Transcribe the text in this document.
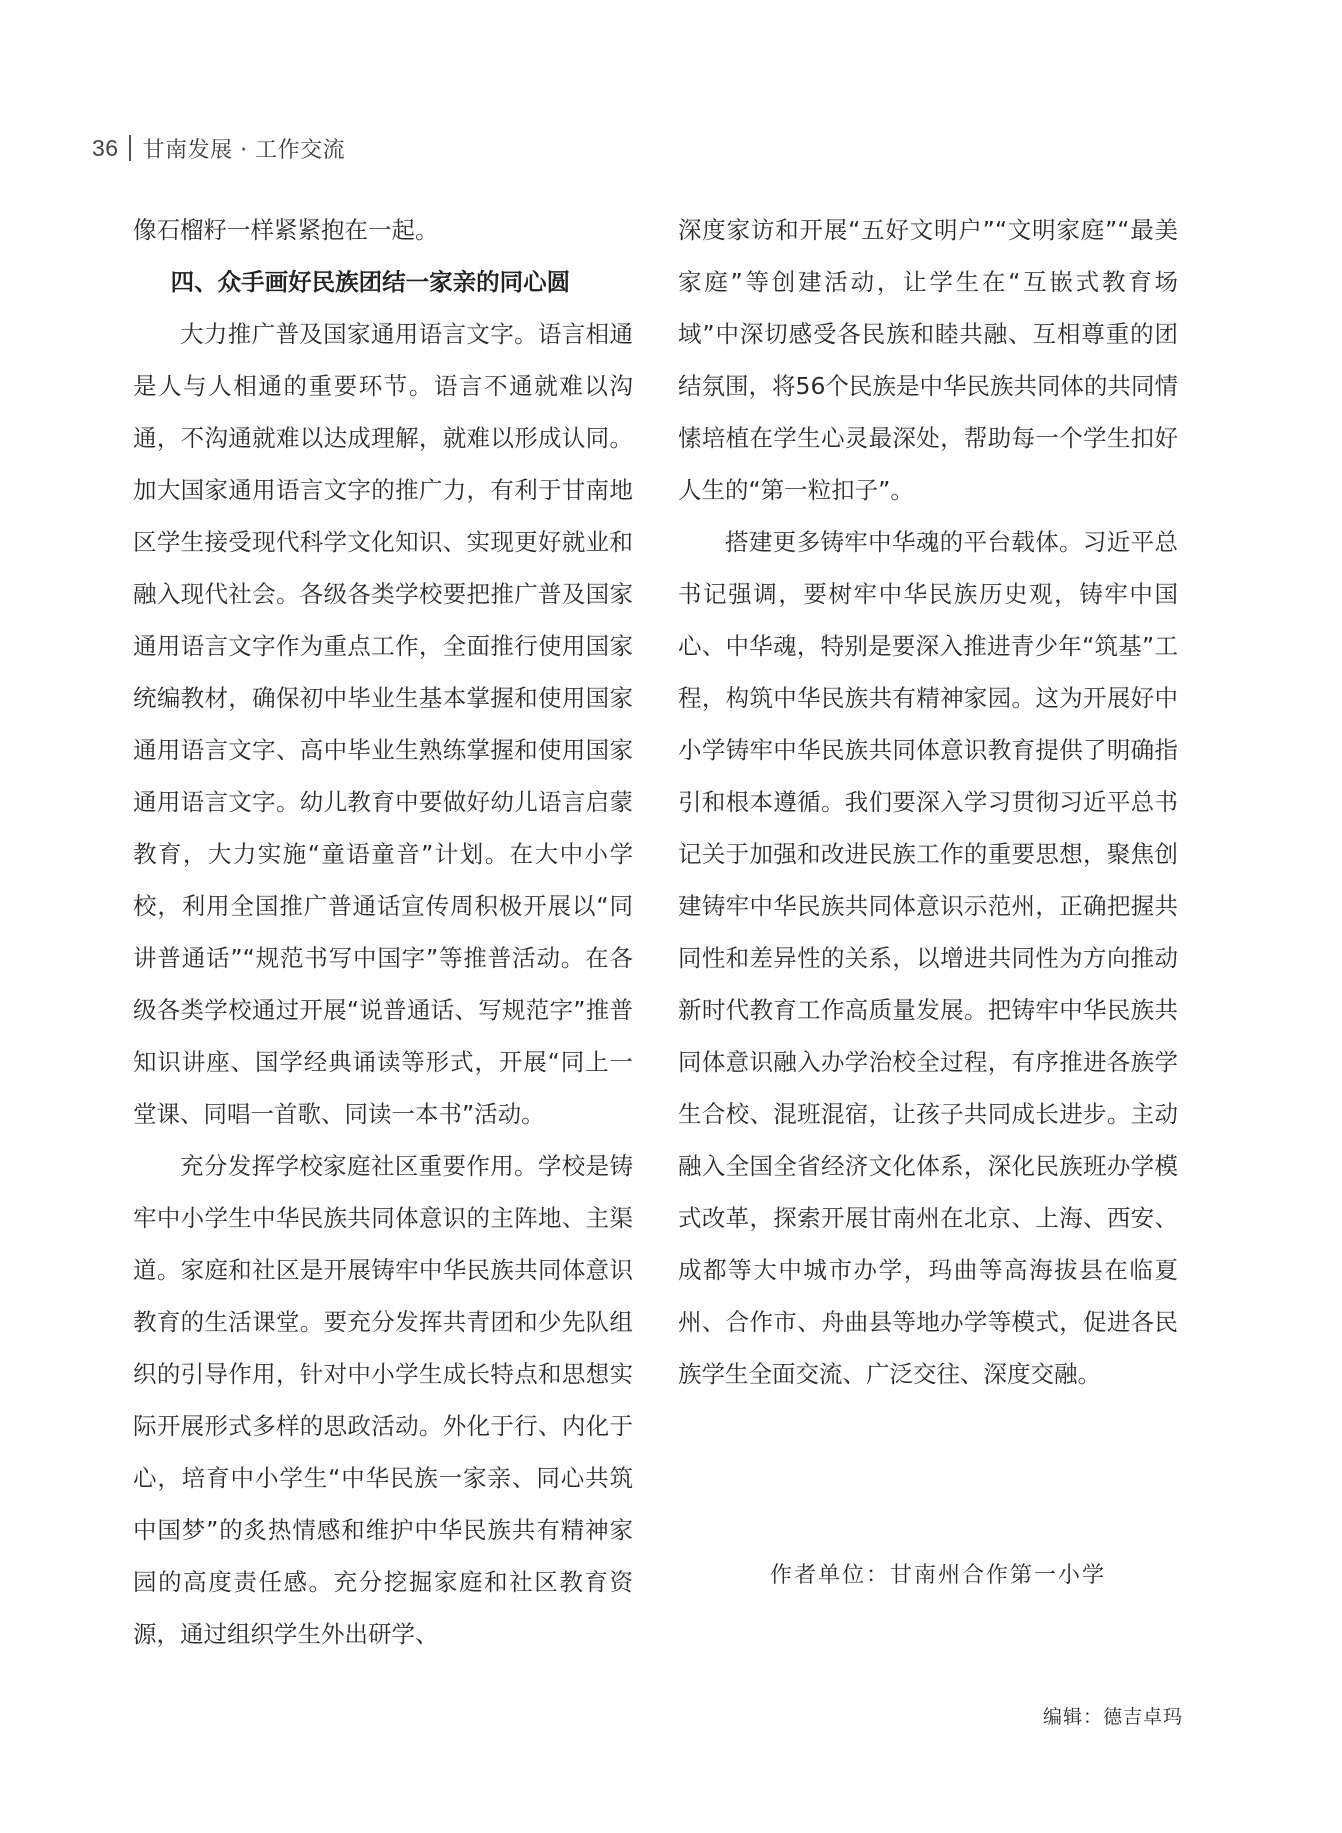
36 甘南发展 · 工作交流

像石榴籽一样紧紧抱在一起。

四、众手画好民族团结一家亲的同心圆

大力推广普及国家通用语言文字。语言相通是人与人相通的重要环节。语言不通就难以沟通，不沟通就难以达成理解，就难以形成认同。加大国家通用语言文字的推广力，有利于甘南地区学生接受现代科学文化知识、实现更好就业和融入现代社会。各级各类学校要把推广普及国家通用语言文字作为重点工作，全面推行使用国家统编教材，确保初中毕业生基本掌握和使用国家通用语言文字、高中毕业生熟练掌握和使用国家通用语言文字。幼儿教育中要做好幼儿语言启蒙教育，大力实施“童语童音”计划。在大中小学校，利用全国推广普通话宣传周积极开展以“同讲普通话”“规范书写中国字”等推普活动。在各级各类学校通过开展“说普通话、写规范字”推普知识讲座、国学经典诵读等形式，开展“同上一堂课、同唱一首歌、同读一本书”活动。

充分发挥学校家庭社区重要作用。学校是铸牢中小学生中华民族共同体意识的主阵地、主渠道。家庭和社区是开展铸牢中华民族共同体意识教育的生活课堂。要充分发挥共青团和少先队组织的引导作用，针对中小学生成长特点和思想实际开展形式多样的思政活动。外化于行、内化于心，培育中小学生“中华民族一家亲、同心共筑中国梦”的炙热情感和维护中华民族共有精神家园的高度责任感。充分挖掘家庭和社区教育资源，通过组织学生外出研学、

深度家访和开展“五好文明户”“文明家庭”“最美家庭”等创建活动，让学生在“互嵌式教育场域”中深切感受各民族和睦共融、互相尊重的团结氛围，将56个民族是中华民族共同体的共同情愫培植在学生心灵最深处，帮助每一个学生扣好人生的“第一粒扣子”。

搭建更多铸牢中华魂的平台载体。习近平总书记强调，要树牢中华民族历史观，铸牢中国心、中华魂，特别是要深入推进青少年“筑基”工程，构筑中华民族共有精神家园。这为开展好中小学铸牢中华民族共同体意识教育提供了明确指引和根本遵循。我们要深入学习贯彻习近平总书记关于加强和改进民族工作的重要思想，聚焦创建铸牢中华民族共同体意识示范州，正确把握共同性和差异性的关系，以增进共同性为方向推动新时代教育工作高质量发展。把铸牢中华民族共同体意识融入办学治校全过程，有序推进各族学生合校、混班混宿，让孩子共同成长进步。主动融入全国全省经济文化体系，深化民族班办学模式改革，探索开展甘南州在北京、上海、西安、成都等大中城市办学，玛曲等高海拔县在临夏州、合作市、舟曲县等地办学等模式，促进各民族学生全面交流、广泛交往、深度交融。

作者单位：甘南州合作第一小学
编辑：德吉卓玛
